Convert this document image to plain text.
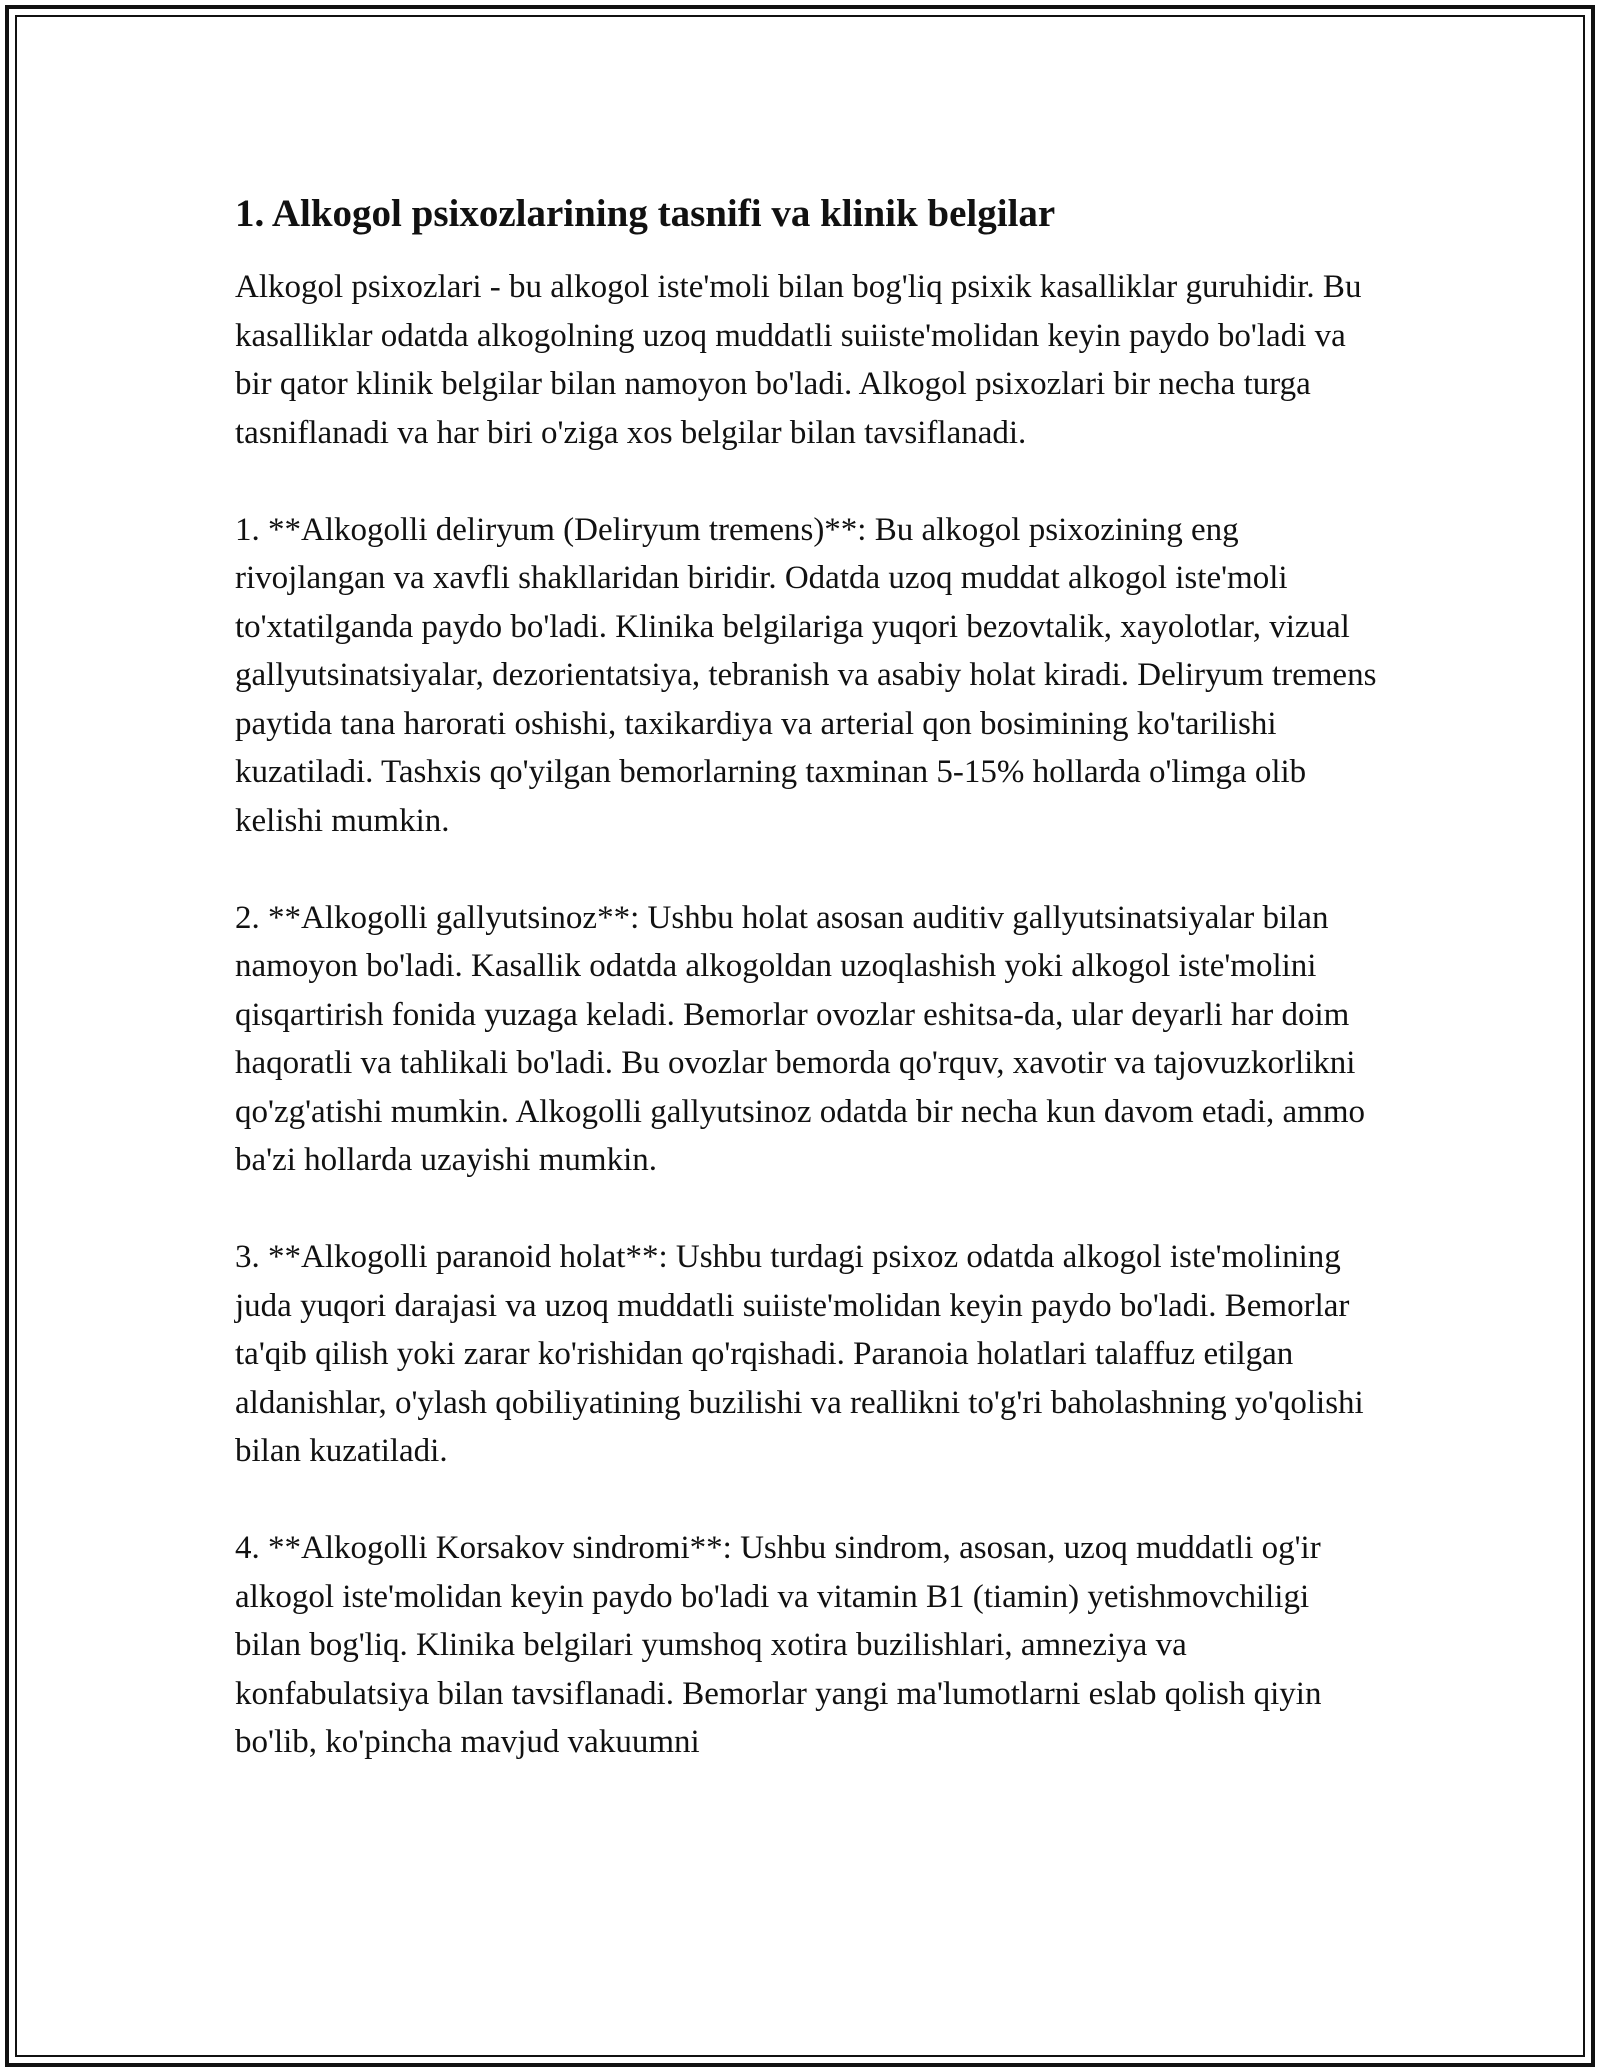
1. Alkogol psixozlarining tasnifi va klinik belgilar

Alkogol psixozlari - bu alkogol iste'moli bilan bog'liq psixik kasalliklar guruhidir. Bu kasalliklar odatda alkogolning uzoq muddatli suiiste'molidan keyin paydo bo'ladi va bir qator klinik belgilar bilan namoyon bo'ladi. Alkogol psixozlari bir necha turga tasniflanadi va har biri o'ziga xos belgilar bilan tavsiflanadi.

1. **Alkogolli deliryum (Deliryum tremens)**: Bu alkogol psixozining eng rivojlangan va xavfli shakllaridan biridir. Odatda uzoq muddat alkogol iste'moli to'xtatilganda paydo bo'ladi. Klinika belgilariga yuqori bezovtalik, xayolotlar, vizual gallyutsinatsiyalar, dezorientatsiya, tebranish va asabiy holat kiradi. Deliryum tremens paytida tana harorati oshishi, taxikardiya va arterial qon bosimining ko'tarilishi kuzatiladi. Tashxis qo'yilgan bemorlarning taxminan 5-15% hollarda o'limga olib kelishi mumkin.

2. **Alkogolli gallyutsinoz**: Ushbu holat asosan auditiv gallyutsinatsiyalar bilan namoyon bo'ladi. Kasallik odatda alkogoldan uzoqlashish yoki alkogol iste'molini qisqartirish fonida yuzaga keladi. Bemorlar ovozlar eshitsa-da, ular deyarli har doim haqoratli va tahlikali bo'ladi. Bu ovozlar bemorda qo'rquv, xavotir va tajovuzkorlikni qo'zg'atishi mumkin. Alkogolli gallyutsinoz odatda bir necha kun davom etadi, ammo ba'zi hollarda uzayishi mumkin.

3. **Alkogolli paranoid holat**: Ushbu turdagi psixoz odatda alkogol iste'molining juda yuqori darajasi va uzoq muddatli suiiste'molidan keyin paydo bo'ladi. Bemorlar ta'qib qilish yoki zarar ko'rishidan qo'rqishadi. Paranoia holatlari talaffuz etilgan aldanishlar, o'ylash qobiliyatining buzilishi va reallikni to'g'ri baholashning yo'qolishi bilan kuzatiladi.

4. **Alkogolli Korsakov sindromi**: Ushbu sindrom, asosan, uzoq muddatli og'ir alkogol iste'molidan keyin paydo bo'ladi va vitamin B1 (tiamin) yetishmovchiligi bilan bog'liq. Klinika belgilari yumshoq xotira buzilishlari, amneziya va konfabulatsiya bilan tavsiflanadi. Bemorlar yangi ma'lumotlarni eslab qolish qiyin bo'lib, ko'pincha mavjud vakuumni
